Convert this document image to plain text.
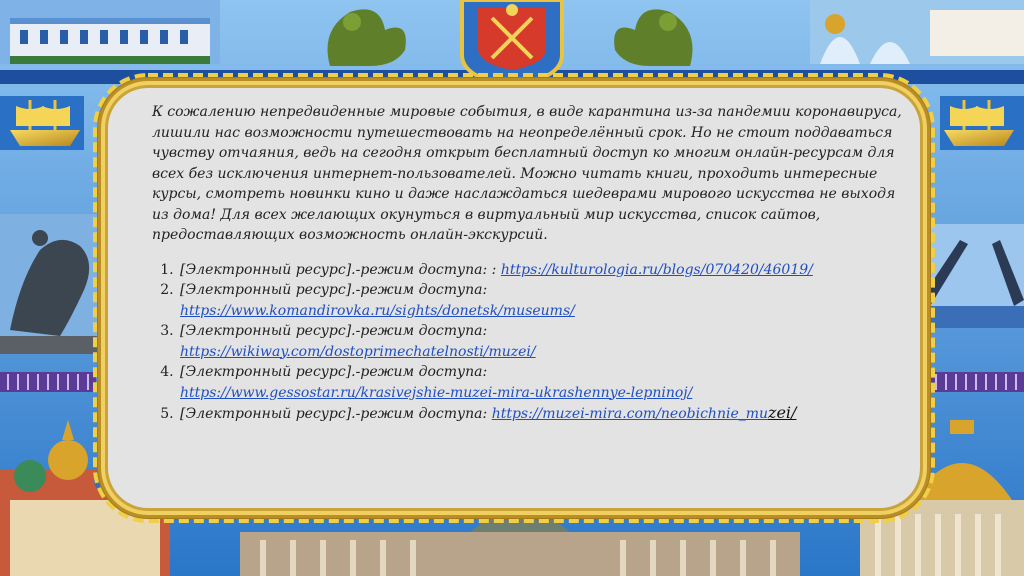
К сожалению непредвиденные мировые события, в виде карантина из-за пандемии коронавируса, лишили нас возможности путешествовать на неопределённый срок. Но не стоит поддаваться чувству отчаяния, ведь на сегодня открыт бесплатный доступ ко многим онлайн-ресурсам для всех без исключения интернет-пользователей. Можно читать книги, проходить интересные курсы, смотреть новинки кино и даже наслаждаться шедеврами мирового искусства не выходя из дома! Для всех желающих окунуться в виртуальный мир искусства, список сайтов, предоставляющих возможность онлайн-экскурсий.

1. [Электронный ресурс].-режим доступа: : https://kulturologia.ru/blogs/070420/46019/
2. [Электронный ресурс].-режим доступа:
https://www.komandirovka.ru/sights/donetsk/museums/
3. [Электронный ресурс].-режим доступа:
https://wikiway.com/dostoprimechatelnosti/muzei/
4. [Электронный ресурс].-режим доступа:
https://www.gessostar.ru/krasivejshie-muzei-mira-ukrashennye-lepninoj/
5. [Электронный ресурс].-режим доступа: https://muzei-mira.com/neobichnie_muzei/
